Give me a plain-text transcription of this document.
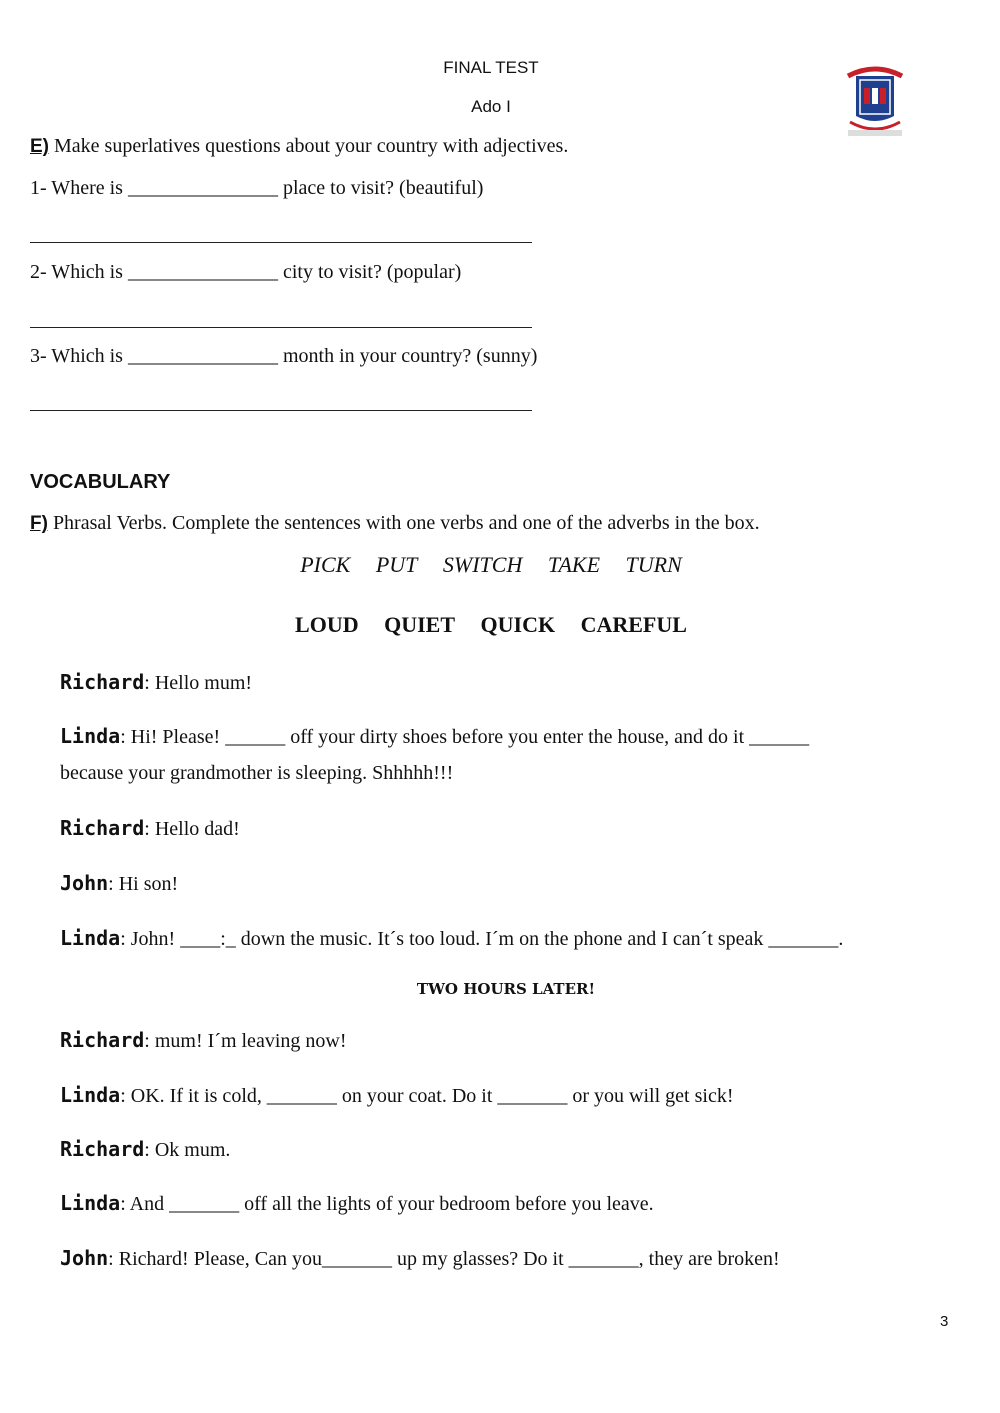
FINAL TEST
Ado I
E) Make superlatives questions about your country with adjectives.
1- Where is _______________ place to visit? (beautiful)
2- Which is _______________ city to visit? (popular)
3- Which is _______________ month in your country? (sunny)
VOCABULARY
F) Phrasal Verbs. Complete the sentences with one verbs and one of the adverbs in the box.
PICK PUT SWITCH TAKE TURN
LOUD QUIET QUICK CAREFUL
Richard: Hello mum!
Linda: Hi! Please! ______ off your dirty shoes before you enter the house, and do it ______
because your grandmother is sleeping. Shhhhh!!!
Richard: Hello dad!
John: Hi son!
Linda: John! ____:_ down the music. It´s too loud. I´m on the phone and I can´t speak _______.
TWO HOURS LATER!
Richard: mum! I´m leaving now!
Linda: OK. If it is cold, _______ on your coat. Do it _______ or you will get sick!
Richard: Ok mum.
Linda: And _______ off all the lights of your bedroom before you leave.
John: Richard! Please, Can you_______ up my glasses? Do it _______, they are broken!
3
